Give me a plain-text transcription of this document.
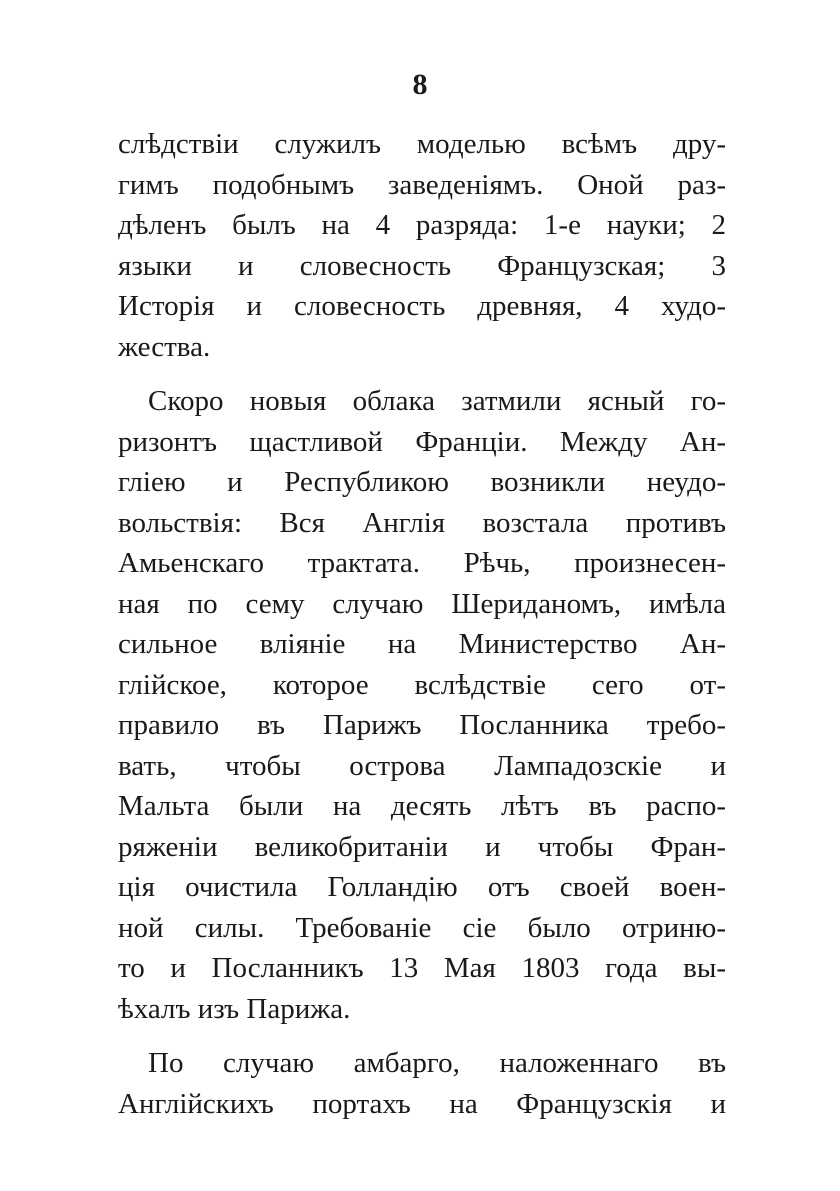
8
слѣдствіи служилъ моделью всѣмъ дру-
гимъ подобнымъ заведеніямъ. Оной раз-
дѣленъ былъ на 4 разряда: 1-е науки; 2
языки и словесность Французская; 3
Исторія и словесность древняя, 4 худо-
жества.
Скоро новыя облака затмили ясный го-
ризонтъ щастливой Франціи. Между Ан-
гліею и Республикою возникли неудо-
вольствія: Вся Англія возстала противъ
Амьенскаго трактата. Рѣчь, произнесен-
ная по сему случаю Шериданомъ, имѣла
сильное вліяніе на Министерство Ан-
глійское, которое вслѣдствіе сего от-
правило въ Парижъ Посланника требо-
вать, чтобы острова Лампадозскіе и
Мальта были на десять лѣтъ въ распо-
ряженіи великобританіи и чтобы Фран-
ція очистила Голландію отъ своей воен-
ной силы. Требованіе сіе было отриню-
то и Посланникъ 13 Мая 1803 года вы-
ѣхалъ изъ Парижа.
По случаю амбарго, наложеннаго въ
Англійскихъ портахъ на Французскія и
